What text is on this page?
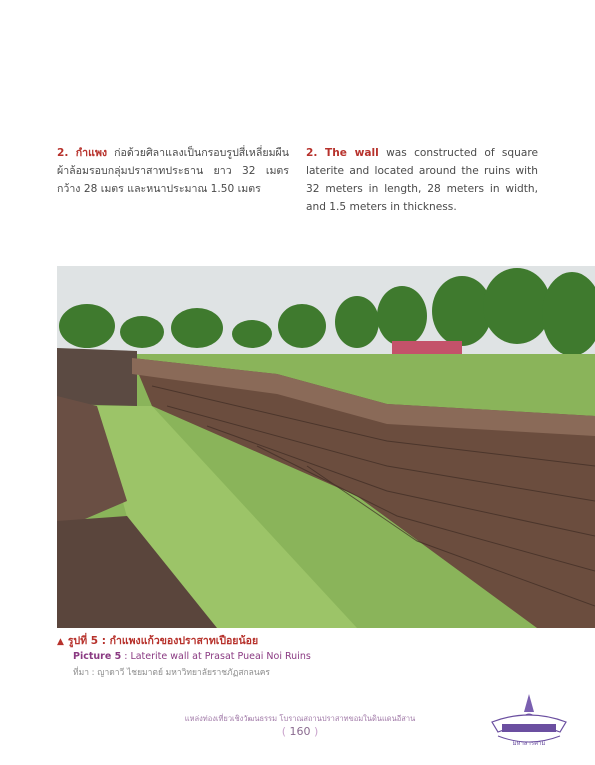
2. กำแพง ก่อด้วยศิลาแลงเป็นกรอบรูปสี่เหลี่ยมผืนผ้าล้อมรอบกลุ่มปราสาทประธาน ยาว 32 เมตร กว้าง 28 เมตร และหนาประมาณ 1.50 เมตร
2. The wall was constructed of square laterite and located around the ruins with 32 meters in length, 28 meters in width, and 1.5 meters in thickness.
▲ รูปที่ 5 : กำแพงแก้วของปราสาทเปือยน้อย
Picture 5 : Laterite wall at Prasat Pueai Noi Ruins
ที่มา : ญาดาวี ไชยมาตย์ มหาวิทยาลัยราชภัฏสกลนคร
แหล่งท่องเที่ยวเชิงวัฒนธรรม โบราณสถานปราสาทขอมในดินแดนอีสาน
( 160 )
มหาสารคาม
